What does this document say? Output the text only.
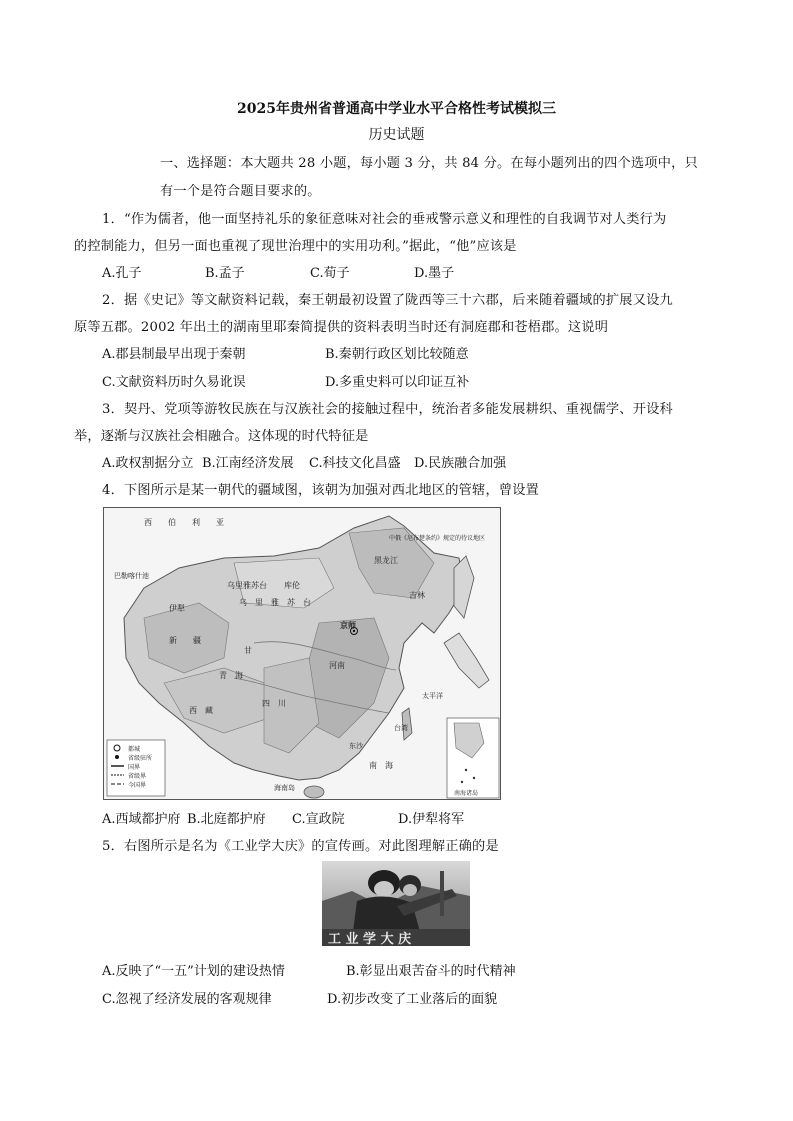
2025年贵州省普通高中学业水平合格性考试模拟三
历史试题
一、选择题：本大题共 28 小题，每小题 3 分，共 84 分。在每小题列出的四个选项中，只
有一个是符合题目要求的。
1．“作为儒者，他一面坚持礼乐的象征意味对社会的垂戒警示意义和理性的自我调节对人类行为
的控制能力，但另一面也重视了现世治理中的实用功利。”据此，“他”应该是
A.孔子	B.孟子	C.荀子	D.墨子
2．据《史记》等文献资料记载，秦王朝最初设置了陇西等三十六郡，后来随着疆域的扩展又设九
原等五郡。2002 年出土的湖南里耶秦简提供的资料表明当时还有洞庭郡和苍梧郡。这说明
A.郡县制最早出现于秦朝	B.秦朝行政区划比较随意
C.文献资料历时久易讹误	D.多重史料可以印证互补
3．契丹、党项等游牧民族在与汉族社会的接触过程中，统治者多能发展耕织、重视儒学、开设科
举，逐渐与汉族社会相融合。这体现的时代特征是
A.政权割据分立 B.江南经济发展 C.科技文化昌盛 D.民族融合加强
4．下图所示是某一朝代的疆域图，该朝为加强对西北地区的管辖，曾设置
西　　伯　　利　　亚
巴勒喀什池
乌里雅苏台 库伦
乌　里　雅　苏　台
伊犁
新　　疆
甘
青　海
西　藏
四　川
京师
黑龙江
吉林
河南
中俄《尼布楚条约》规定的待议地区
南　海
东沙
海南岛
台湾
太平洋
都城
省级驻所
国界
省级界
今国界
南海诸岛
A.西域都护府 B.北庭都护府 C.宣政院	D.伊犁将军
5．右图所示是名为《工业学大庆》的宣传画。对此图理解正确的是
工 业 学 大 庆
A.反映了“一五”计划的建设热情	B.彰显出艰苦奋斗的时代精神
C.忽视了经济发展的客观规律	D.初步改变了工业落后的面貌
